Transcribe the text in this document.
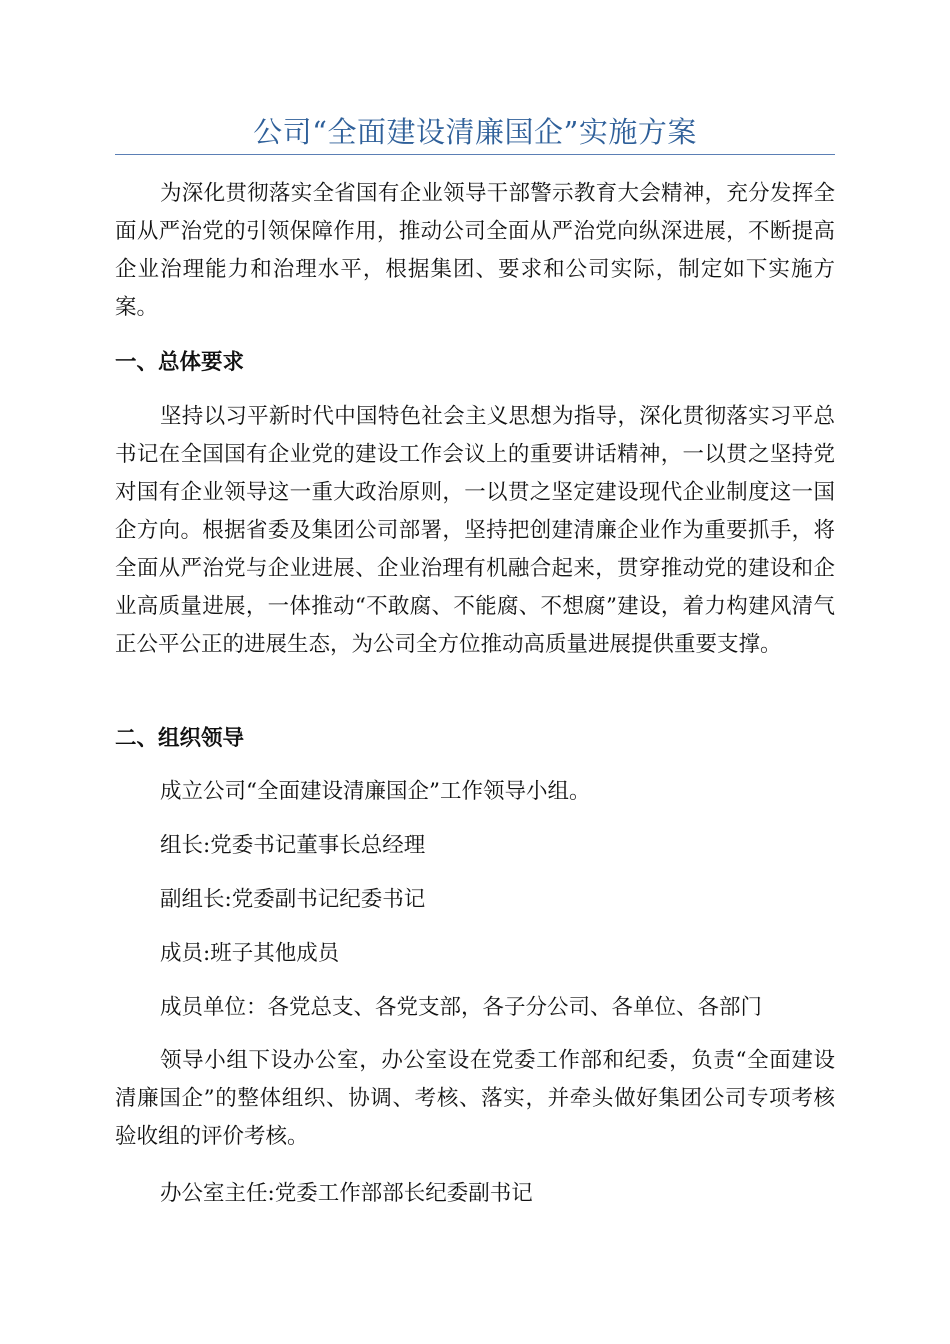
公司“全面建设清廉国企”实施方案

为深化贯彻落实全省国有企业领导干部警示教育大会精神，充分发挥全面从严治党的引领保障作用，推动公司全面从严治党向纵深进展，不断提高企业治理能力和治理水平，根据集团、要求和公司实际，制定如下实施方案。

一、总体要求

坚持以习平新时代中国特色社会主义思想为指导，深化贯彻落实习平总书记在全国国有企业党的建设工作会议上的重要讲话精神，一以贯之坚持党对国有企业领导这一重大政治原则，一以贯之坚定建设现代企业制度这一国企方向。根据省委及集团公司部署，坚持把创建清廉企业作为重要抓手，将全面从严治党与企业进展、企业治理有机融合起来，贯穿推动党的建设和企业高质量进展，一体推动“不敢腐、不能腐、不想腐”建设，着力构建风清气正公平公正的进展生态，为公司全方位推动高质量进展提供重要支撑。

二、组织领导

成立公司“全面建设清廉国企”工作领导小组。

组长:党委书记董事长总经理

副组长:党委副书记纪委书记

成员:班子其他成员

成员单位：各党总支、各党支部，各子分公司、各单位、各部门

领导小组下设办公室，办公室设在党委工作部和纪委，负责“全面建设清廉国企”的整体组织、协调、考核、落实，并牵头做好集团公司专项考核验收组的评价考核。

办公室主任:党委工作部部长纪委副书记
